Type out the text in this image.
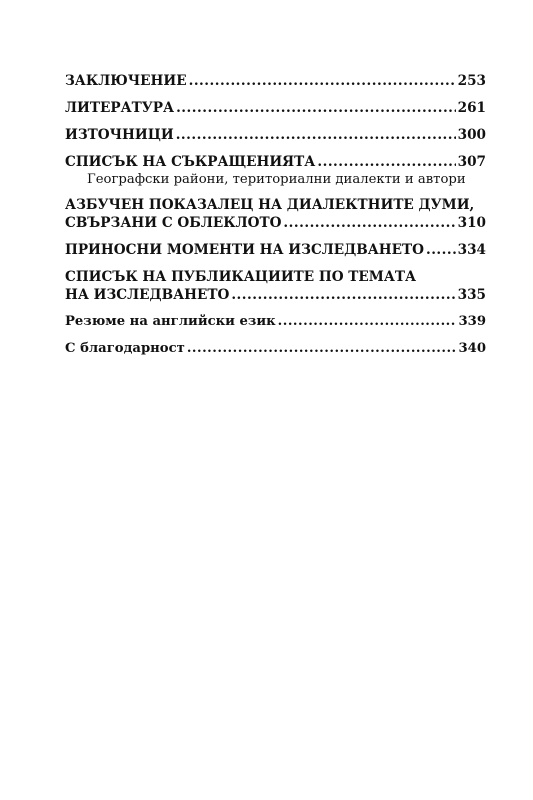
ЗАКЛЮЧЕНИЕ .....	253
ЛИТЕРАТУРА .....	261
ИЗТОЧНИЦИ .....	300
СПИСЪК НА СЪКРАЩЕНИЯТА .....	307
Географски райони, териториални диалекти и автори
АЗБУЧЕН ПОКАЗАЛЕЦ НА ДИАЛЕКТНИТЕ ДУМИ,
СВЪРЗАНИ С ОБЛЕКЛОТО .....	310
ПРИНОСНИ МОМЕНТИ НА ИЗСЛЕДВАНЕТО ..... 334
СПИСЪК НА ПУБЛИКАЦИИТЕ ПО ТЕМАТА
НА ИЗСЛЕДВАНЕТО .....	335
Резюме на английски език .....	339
С благодарност .....	340
